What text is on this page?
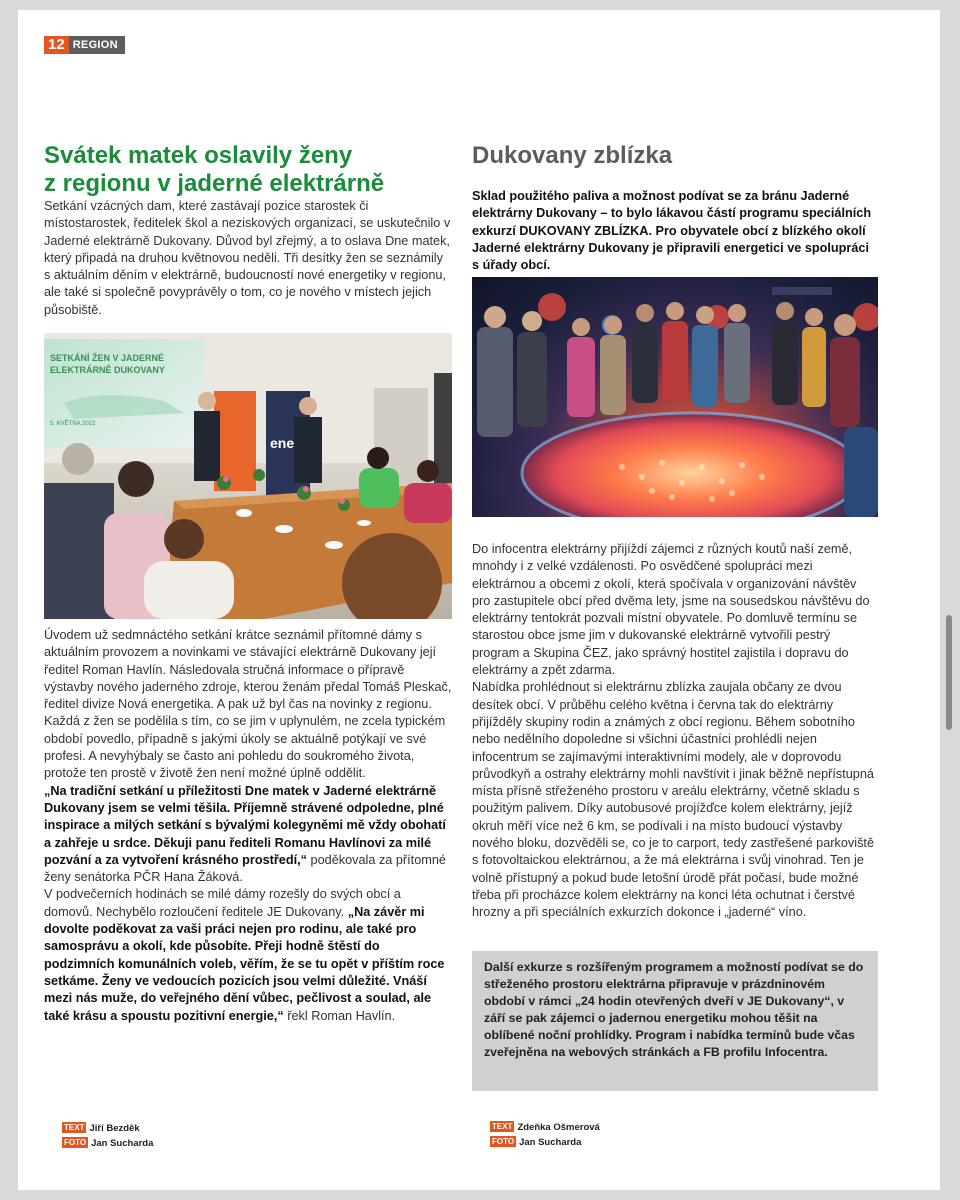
12 REGION
Svátek matek oslavily ženy
z regionu v jaderné elektrárně
Setkání vzácných dam, které zastávají pozice starostek či místostarostek, ředitelek škol a neziskových organizací, se uskutečnilo v Jaderné elektrárně Dukovany. Důvod byl zřejmý, a to oslava Dne matek, který připadá na druhou květnovou neděli. Tři desítky žen se seznámily s aktuálním děním v elektrárně, budoucností nové energetiky v regionu, ale také si společně povyprávěly o tom, co je nového v místech jejich působiště.
SETKÁNÍ ŽEN V JADERNÉ
ELEKTRÁRNĚ DUKOVANY
5. KVĚTNA 2022
ene
Úvodem už sedmnáctého setkání krátce seznámil přítomné dámy s aktuálním provozem a novinkami ve stávající elektrárně Dukovany její ředitel Roman Havlín. Následovala stručná informace o přípravě výstavby nového jaderného zdroje, kterou ženám předal Tomáš Pleskač, ředitel divize Nová energetika. A pak už byl čas na novinky z regionu. Každá z žen se podělila s tím, co se jim v uplynulém, ne zcela typickém období povedlo, případně s jakými úkoly se aktuálně potýkají ve své profesi. A nevyhýbaly se často ani pohledu do soukromého života, protože ten prostě v životě žen není možné úplně oddělit.
„Na tradiční setkání u příležitosti Dne matek v Jaderné elektrárně Dukovany jsem se velmi těšila. Příjemně strávené odpoledne, plné inspirace a milých setkání s bývalými kolegyněmi mě vždy obohatí a zahřeje u srdce. Děkuji panu řediteli Romanu Havlínovi za milé pozvání a za vytvoření krásného prostředí,“ poděkovala za přítomné ženy senátorka PČR Hana Žáková.
V podvečerních hodinách se milé dámy rozešly do svých obcí a domovů. Nechybělo rozloučení ředitele JE Dukovany. „Na závěr mi dovolte poděkovat za vaši práci nejen pro rodinu, ale také pro samosprávu a okolí, kde působíte. Přeji hodně štěstí do podzimních komunálních voleb, věřím, že se tu opět v příštím roce setkáme. Ženy ve vedoucích pozicích jsou velmi důležité. Vnáší mezi nás muže, do veřejného dění vůbec, pečlivost a soulad, ale také krásu a spoustu pozitivní energie,“ řekl Roman Havlín.
TEXT Jiří Bezděk
FOTO Jan Sucharda
Dukovany zblízka
Sklad použitého paliva a možnost podívat se za bránu Jaderné elektrárny Dukovany – to bylo lákavou částí programu speciálních exkurzí DUKOVANY ZBLÍZKA. Pro obyvatele obcí z blízkého okolí Jaderné elektrárny Dukovany je připravili energetici ve spolupráci s úřady obcí.
Do infocentra elektrárny přijíždí zájemci z různých koutů naší země, mnohdy i z velké vzdálenosti. Po osvědčené spolupráci mezi elektrárnou a obcemi z okolí, která spočívala v organizování návštěv pro zastupitele obcí před dvěma lety, jsme na sousedskou návštěvu do elektrárny tentokrát pozvali místní obyvatele. Po domluvě termínu se starostou obce jsme jim v dukovanské elektrárně vytvořili pestrý program a Skupina ČEZ, jako správný hostitel zajistila i dopravu do elektrárny a zpět zdarma.
Nabídka prohlédnout si elektrárnu zblízka zaujala občany ze dvou desítek obcí. V průběhu celého května i června tak do elektrárny přijížděly skupiny rodin a známých z obcí regionu. Během sobotního nebo nedělního dopoledne si všichni účastníci prohlédli nejen infocentrum se zajímavými interaktivními modely, ale v doprovodu průvodkyň a ostrahy elektrárny mohli navštívit i jinak běžně nepřístupná místa přísně střeženého prostoru v areálu elektrárny, včetně skladu s použitým palivem. Díky autobusové projížďce kolem elektrárny, jejíž okruh měří více než 6 km, se podívali i na místo budoucí výstavby nového bloku, dozvěděli se, co je to carport, tedy zastřešené parkoviště s fotovoltaickou elektrárnou, a že má elektrárna i svůj vinohrad. Ten je volně přístupný a pokud bude letošní úrodě přát počasí, bude možné třeba při procházce kolem elektrárny na konci léta ochutnat i čerstvé hrozny a při speciálních exkurzích dokonce i „jaderné“ víno.
Další exkurze s rozšířeným programem a možností podívat se do střeženého prostoru elektrárna připravuje v prázdninovém období v rámci „24 hodin otevřených dveří v JE Dukovany“, v září se pak zájemci o jadernou energetiku mohou těšit na oblíbené noční prohlídky. Program i nabídka termínů bude včas zveřejněna na webových stránkách a FB profilu Infocentra.
TEXT Zdeňka Ošmerová
FOTO Jan Sucharda
